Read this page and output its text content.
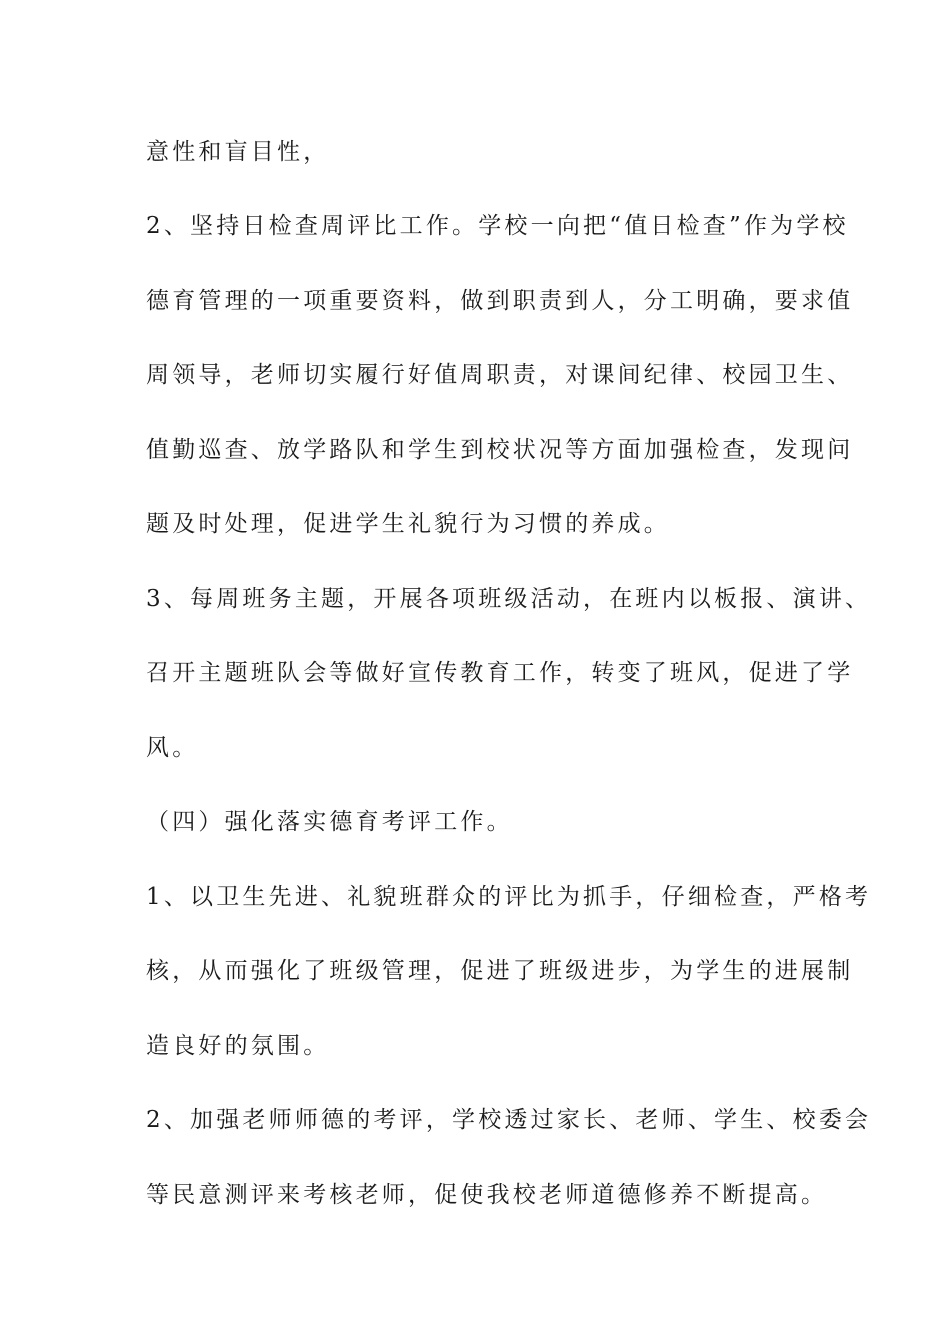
意性和盲目性，
2、坚持日检查周评比工作。学校一向把“值日检查”作为学校
德育管理的一项重要资料，做到职责到人，分工明确，要求值
周领导，老师切实履行好值周职责，对课间纪律、校园卫生、
值勤巡查、放学路队和学生到校状况等方面加强检查，发现问
题及时处理，促进学生礼貌行为习惯的养成。
3、每周班务主题，开展各项班级活动，在班内以板报、演讲、
召开主题班队会等做好宣传教育工作，转变了班风，促进了学
风。
（四）强化落实德育考评工作。
1、以卫生先进、礼貌班群众的评比为抓手，仔细检查，严格考
核，从而强化了班级管理，促进了班级进步，为学生的进展制
造良好的氛围。
2、加强老师师德的考评，学校透过家长、老师、学生、校委会
等民意测评来考核老师，促使我校老师道德修养不断提高。
